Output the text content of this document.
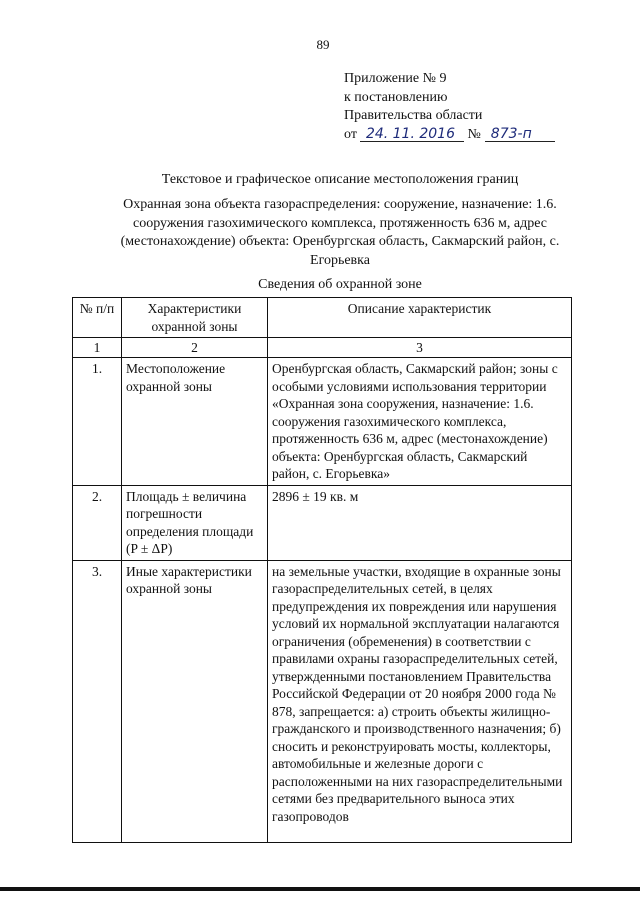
89
Приложение № 9
к постановлению
Правительства области
от 24. 11. 2016 № 873-п
Текстовое и графическое описание местоположения границ
Охранная зона объекта газораспределения: сооружение, назначение: 1.6. сооружения газохимического комплекса, протяженность 636 м, адрес (местонахождение) объекта: Оренбургская область, Сакмарский район, с. Егорьевка
Сведения об охранной зоне
№ п/п	Характеристики охранной зоны	Описание характеристик
1	2	3
1.	Местоположение охранной зоны	Оренбургская область, Сакмарский район; зоны с особыми условиями использования территории «Охранная зона сооружения, назначение: 1.6. сооружения газохимического комплекса, протяженность 636 м, адрес (местонахождение) объекта: Оренбургская область, Сакмарский район, с. Егорьевка»
2.	Площадь ± величина погрешности определения площади (P ± ΔP)	2896 ± 19 кв. м
3.	Иные характеристики охранной зоны	на земельные участки, входящие в охранные зоны газораспределительных сетей, в целях предупреждения их повреждения или нарушения условий их нормальной эксплуатации налагаются ограничения (обременения) в соответствии с правилами охраны газораспределительных сетей, утвержденными постановлением Правительства Российской Федерации от 20 ноября 2000 года № 878, запрещается: а) строить объекты жилищно-гражданского и производственного назначения; б) сносить и реконструировать мосты, коллекторы, автомобильные и железные дороги с расположенными на них газораспределительными сетями без предварительного выноса этих газопроводов
